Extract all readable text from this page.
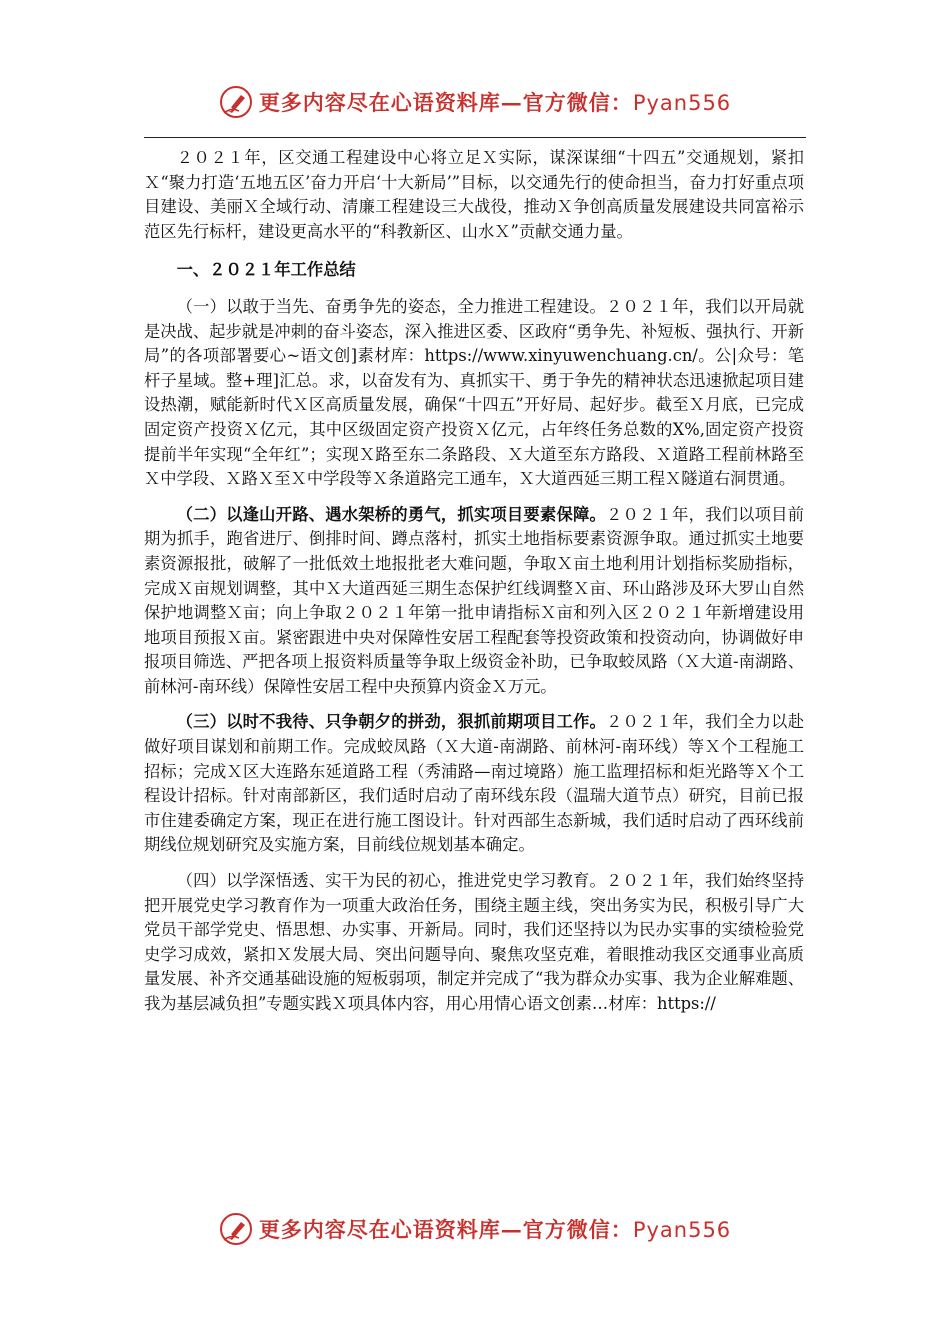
更多内容尽在心语资料库—官方微信：Pyan556

２０２１年，区交通工程建设中心将立足Ｘ实际，谋深谋细“十四五”交通规划，紧扣Ｘ“聚力打造‘五地五区’奋力开启‘十大新局’”目标，以交通先行的使命担当，奋力打好重点项目建设、美丽Ｘ全域行动、清廉工程建设三大战役，推动Ｘ争创高质量发展建设共同富裕示范区先行标杆，建设更高水平的“科教新区、山水Ｘ”贡献交通力量。

一、２０２１年工作总结

（一）以敢于当先、奋勇争先的姿态，全力推进工程建设。２０２１年，我们以开局就是决战、起步就是冲刺的奋斗姿态，深入推进区委、区政府“勇争先、补短板、强执行、开新局”的各项部署要心~语文创]素材库：https://www.xinyuwenchuang.cn/。公|众号：笔杆子星域。整+理]汇总。求，以奋发有为、真抓实干、勇于争先的精神状态迅速掀起项目建设热潮，赋能新时代Ｘ区高质量发展，确保“十四五”开好局、起好步。截至Ｘ月底，已完成固定资产投资Ｘ亿元，其中区级固定资产投资Ｘ亿元，占年终任务总数的X%,固定资产投资提前半年实现“全年红”；实现Ｘ路至东二条路段、Ｘ大道至东方路段、Ｘ道路工程前林路至Ｘ中学段、Ｘ路Ｘ至Ｘ中学段等Ｘ条道路完工通车，Ｘ大道西延三期工程Ｘ隧道右洞贯通。

（二）以逢山开路、遇水架桥的勇气，抓实项目要素保障。２０２１年，我们以项目前期为抓手，跑省进厅、倒排时间、蹲点落村，抓实土地指标要素资源争取。通过抓实土地要素资源报批，破解了一批低效土地报批老大难问题，争取Ｘ亩土地利用计划指标奖励指标，完成Ｘ亩规划调整，其中Ｘ大道西延三期生态保护红线调整Ｘ亩、环山路涉及环大罗山自然保护地调整Ｘ亩；向上争取２０２１年第一批申请指标Ｘ亩和列入区２０２１年新增建设用地项目预报Ｘ亩。紧密跟进中央对保障性安居工程配套等投资政策和投资动向，协调做好申报项目筛选、严把各项上报资料质量等争取上级资金补助，已争取蛟凤路（Ｘ大道-南湖路、前林河-南环线）保障性安居工程中央预算内资金Ｘ万元。

（三）以时不我待、只争朝夕的拼劲，狠抓前期项目工作。２０２１年，我们全力以赴做好项目谋划和前期工作。完成蛟凤路（Ｘ大道-南湖路、前林河-南环线）等Ｘ个工程施工招标；完成Ｘ区大连路东延道路工程（秀浦路—南过境路）施工监理招标和炬光路等Ｘ个工程设计招标。针对南部新区，我们适时启动了南环线东段（温瑞大道节点）研究，目前已报市住建委确定方案，现正在进行施工图设计。针对西部生态新城，我们适时启动了西环线前期线位规划研究及实施方案，目前线位规划基本确定。

（四）以学深悟透、实干为民的初心，推进党史学习教育。２０２１年，我们始终坚持把开展党史学习教育作为一项重大政治任务，围绕主题主线，突出务实为民，积极引导广大党员干部学党史、悟思想、办实事、开新局。同时，我们还坚持以为民办实事的实绩检验党史学习成效，紧扣Ｘ发展大局、突出问题导向、聚焦攻坚克难，着眼推动我区交通事业高质量发展、补齐交通基础设施的短板弱项，制定并完成了“我为群众办实事、我为企业解难题、我为基层减负担”专题实践Ｘ项具体内容，用心用情心语文创素…材库：https://

更多内容尽在心语资料库—官方微信：Pyan556
